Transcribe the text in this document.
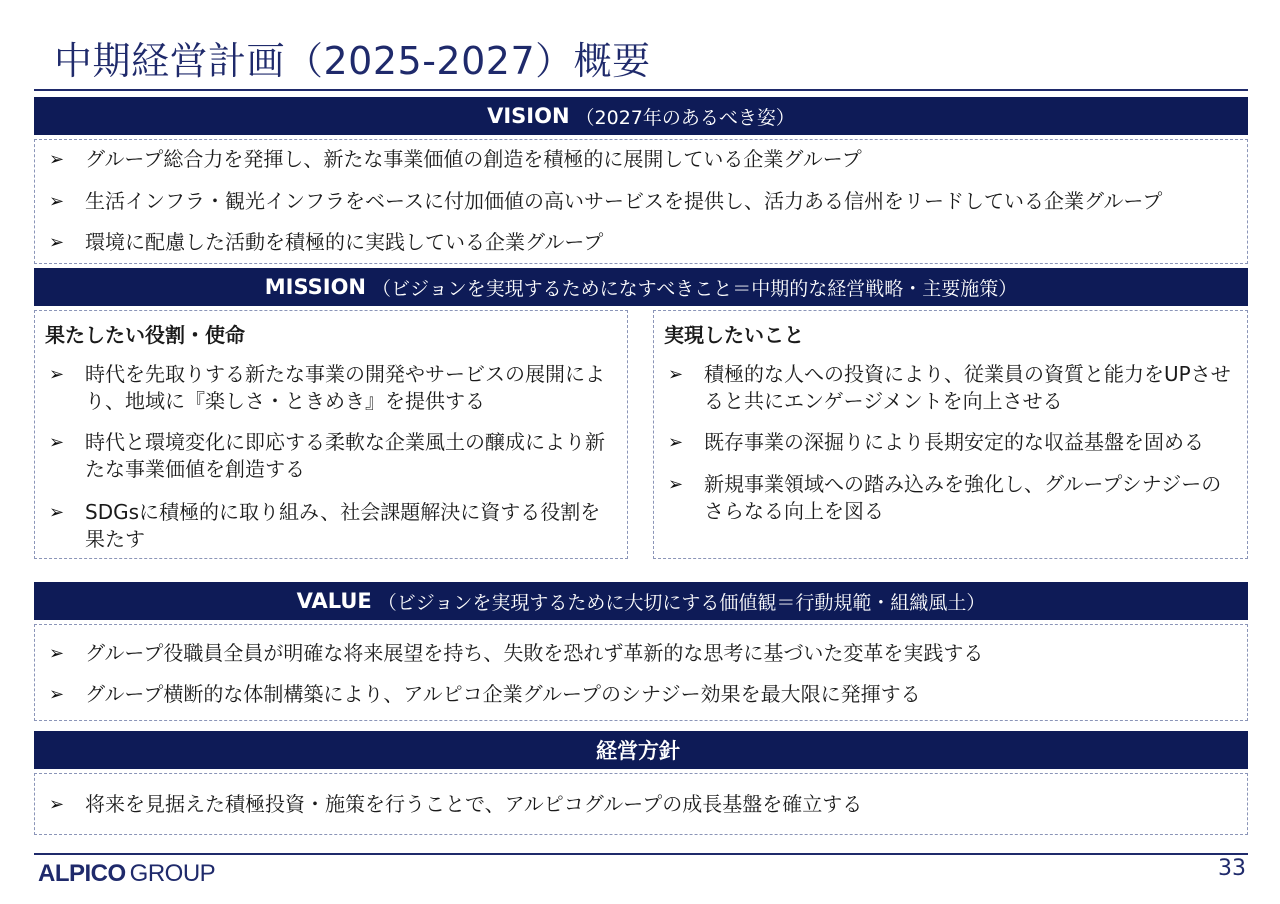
中期経営計画（2025-2027）概要
VISION （2027年のあるべき姿）
➢	グループ総合力を発揮し、新たな事業価値の創造を積極的に展開している企業グループ
➢	生活インフラ・観光インフラをベースに付加価値の高いサービスを提供し、活力ある信州をリードしている企業グループ
➢	環境に配慮した活動を積極的に実践している企業グループ
MISSION （ビジョンを実現するためになすべきこと＝中期的な経営戦略・主要施策）
果たしたい役割・使命
➢	時代を先取りする新たな事業の開発やサービスの展開により、地域に『楽しさ・ときめき』を提供する
➢	時代と環境変化に即応する柔軟な企業風土の醸成により新たな事業価値を創造する
➢	SDGsに積極的に取り組み、社会課題解決に資する役割を果たす
実現したいこと
➢	積極的な人への投資により、従業員の資質と能力をUPさせると共にエンゲージメントを向上させる
➢	既存事業の深掘りにより長期安定的な収益基盤を固める
➢	新規事業領域への踏み込みを強化し、グループシナジーのさらなる向上を図る
VALUE （ビジョンを実現するために大切にする価値観＝行動規範・組織風土）
➢	グループ役職員全員が明確な将来展望を持ち、失敗を恐れず革新的な思考に基づいた変革を実践する
➢	グループ横断的な体制構築により、アルピコ企業グループのシナジー効果を最大限に発揮する
経営方針
➢	将来を見据えた積極投資・施策を行うことで、アルピコグループの成長基盤を確立する
ALPICO GROUP	33
